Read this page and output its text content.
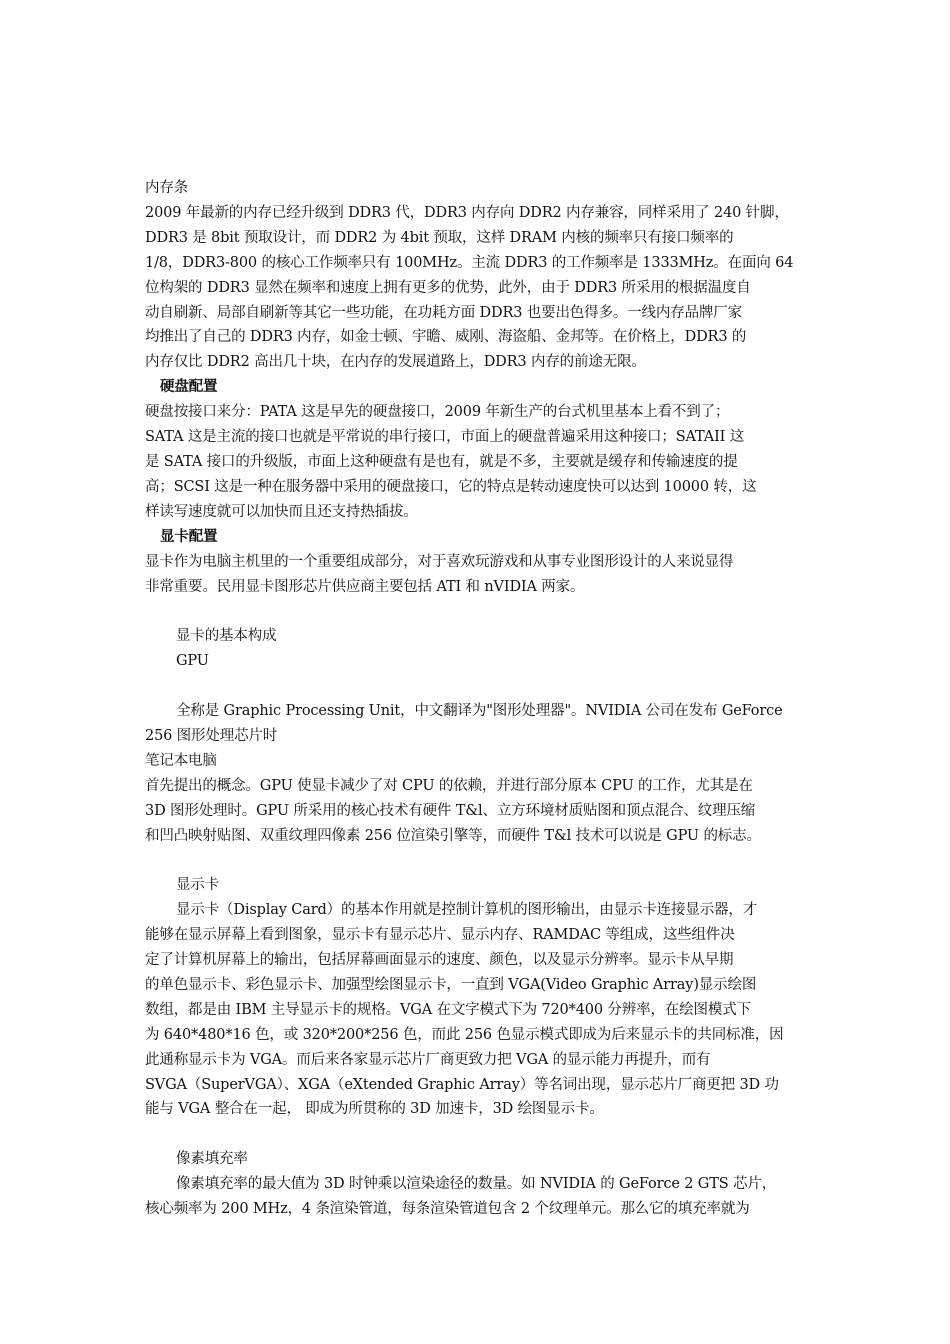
内存条
2009 年最新的内存已经升级到 DDR3 代，DDR3 内存向 DDR2 内存兼容，同样采用了 240 针脚，
DDR3 是 8bit 预取设计，而 DDR2 为 4bit 预取，这样 DRAM 内核的频率只有接口频率的
1/8，DDR3-800 的核心工作频率只有 100MHz。主流 DDR3 的工作频率是 1333MHz。在面向 64
位构架的 DDR3 显然在频率和速度上拥有更多的优势，此外，由于 DDR3 所采用的根据温度自
动自刷新、局部自刷新等其它一些功能，在功耗方面 DDR3 也要出色得多。一线内存品牌厂家
均推出了自己的 DDR3 内存，如金士顿、宇瞻、威刚、海盗船、金邦等。在价格上，DDR3 的
内存仅比 DDR2 高出几十块，在内存的发展道路上，DDR3 内存的前途无限。
硬盘配置
硬盘按接口来分：PATA 这是早先的硬盘接口，2009 年新生产的台式机里基本上看不到了；
SATA 这是主流的接口也就是平常说的串行接口，市面上的硬盘普遍采用这种接口；SATAII 这
是 SATA 接口的升级版，市面上这种硬盘有是也有，就是不多，主要就是缓存和传输速度的提
高；SCSI 这是一种在服务器中采用的硬盘接口，它的特点是转动速度快可以达到 10000 转，这
样读写速度就可以加快而且还支持热插拔。
显卡配置
显卡作为电脑主机里的一个重要组成部分，对于喜欢玩游戏和从事专业图形设计的人来说显得
非常重要。民用显卡图形芯片供应商主要包括 ATI 和 nVIDIA 两家。
显卡的基本构成
GPU
全称是 Graphic Processing Unit，中文翻译为"图形处理器"。NVIDIA 公司在发布 GeForce
256 图形处理芯片时
笔记本电脑
首先提出的概念。GPU 使显卡减少了对 CPU 的依赖，并进行部分原本 CPU 的工作，尤其是在
3D 图形处理时。GPU 所采用的核心技术有硬件 T&l、立方环境材质贴图和顶点混合、纹理压缩
和凹凸映射贴图、双重纹理四像素 256 位渲染引擎等，而硬件 T&l 技术可以说是 GPU 的标志。
显示卡
显示卡（Display Card）的基本作用就是控制计算机的图形输出，由显示卡连接显示器，才
能够在显示屏幕上看到图象，显示卡有显示芯片、显示内存、RAMDAC 等组成，这些组件决
定了计算机屏幕上的输出，包括屏幕画面显示的速度、颜色，以及显示分辨率。显示卡从早期
的单色显示卡、彩色显示卡、加强型绘图显示卡，一直到 VGA(Video Graphic Array)显示绘图
数组，都是由 IBM 主导显示卡的规格。VGA 在文字模式下为 720*400 分辨率，在绘图模式下
为 640*480*16 色，或 320*200*256 色，而此 256 色显示模式即成为后来显示卡的共同标准，因
此通称显示卡为 VGA。而后来各家显示芯片厂商更致力把 VGA 的显示能力再提升，而有
SVGA（SuperVGA）、XGA（eXtended Graphic Array）等名词出现，显示芯片厂商更把 3D 功
能与 VGA 整合在一起， 即成为所贯称的 3D 加速卡，3D 绘图显示卡。
像素填充率
像素填充率的最大值为 3D 时钟乘以渲染途径的数量。如 NVIDIA 的 GeForce 2 GTS 芯片，
核心频率为 200 MHz，4 条渲染管道，每条渲染管道包含 2 个纹理单元。那么它的填充率就为
